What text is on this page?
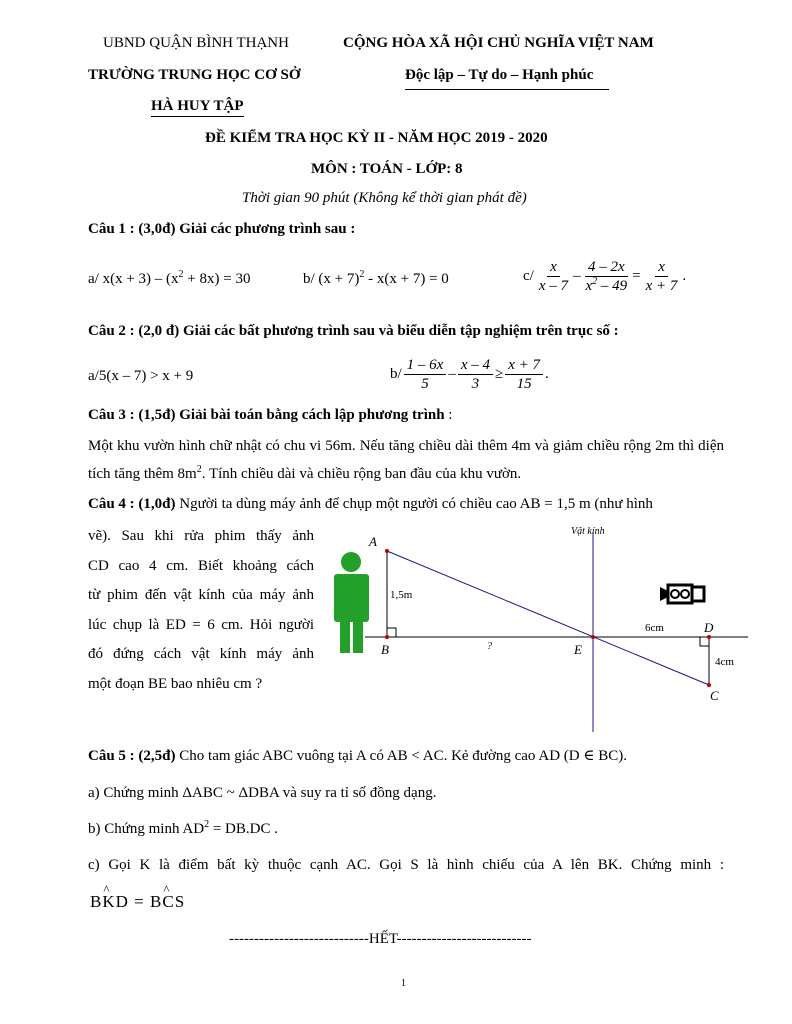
UBND QUẬN BÌNH THẠNH
TRƯỜNG TRUNG HỌC CƠ SỞ
HÀ HUY TẬP
CỘNG HÒA XÃ HỘI CHỦ NGHĨA VIỆT NAM
Độc lập – Tự do – Hạnh phúc
ĐỀ KIỂM TRA HỌC KỲ II - NĂM HỌC 2019 - 2020
MÔN : TOÁN - LỚP: 8
Thời gian 90 phút (Không kể thời gian phát đề)
Câu 1 : (3,0đ) Giải các phương trình sau :
a/ $x(x + 3) - (x^2 + 8x) = 30$	b/ $(x + 7)^2 - x(x + 7) = 0$	$c/ \frac{x}{x - 7} - \frac{4 - 2x}{x^2 - 49} = \frac{x}{x + 7}$ .
Câu 2 : (2,0 đ) Giải các bất phương trình sau và biểu diễn tập nghiệm trên trục số :
a/5(x – 7) > x + 9	$b/ \frac{1 - 6x}{5} - \frac{x - 4}{3} \ge \frac{x + 7}{15}$ .
Câu 3 : (1,5đ) Giải bài toán bằng cách lập phương trình :
Một khu vườn hình chữ nhật có chu vi 56m. Nếu tăng chiều dài thêm 4m và giảm chiều rộng 2m thì diện tích tăng thêm $8m^2$. Tính chiều dài và chiều rộng ban đầu của khu vườn.
Câu 4 : (1,0đ) Người ta dùng máy ảnh để chụp một người có chiều cao AB = 1,5 m (như hình
vẽ). Sau khi rửa phim thấy ảnh
CD cao 4 cm. Biết khoảng cách
từ phim đến vật kính của máy ảnh
lúc chụp là ED = 6 cm. Hỏi người
đó đứng cách vật kính máy ảnh
một đoạn BE bao nhiêu cm ?
Vật kính
A
B	E
D
C
1,5m
?
6cm
4cm
Câu 5 : (2,5đ) Cho tam giác ABC vuông tại A có AB < AC. Kẻ đường cao AD (D ∈ BC).
a) Chứng minh ΔABC ~ ΔDBA và suy ra tỉ số đồng dạng.
b) Chứng minh $AD^2 = DB.DC$ .
c) Gọi K là điểm bất kỳ thuộc cạnh AC. Gọi S là hình chiếu của A lên BK. Chứng minh :
B^ KD = B^ CS
----------------------------HẾT---------------------------
1
